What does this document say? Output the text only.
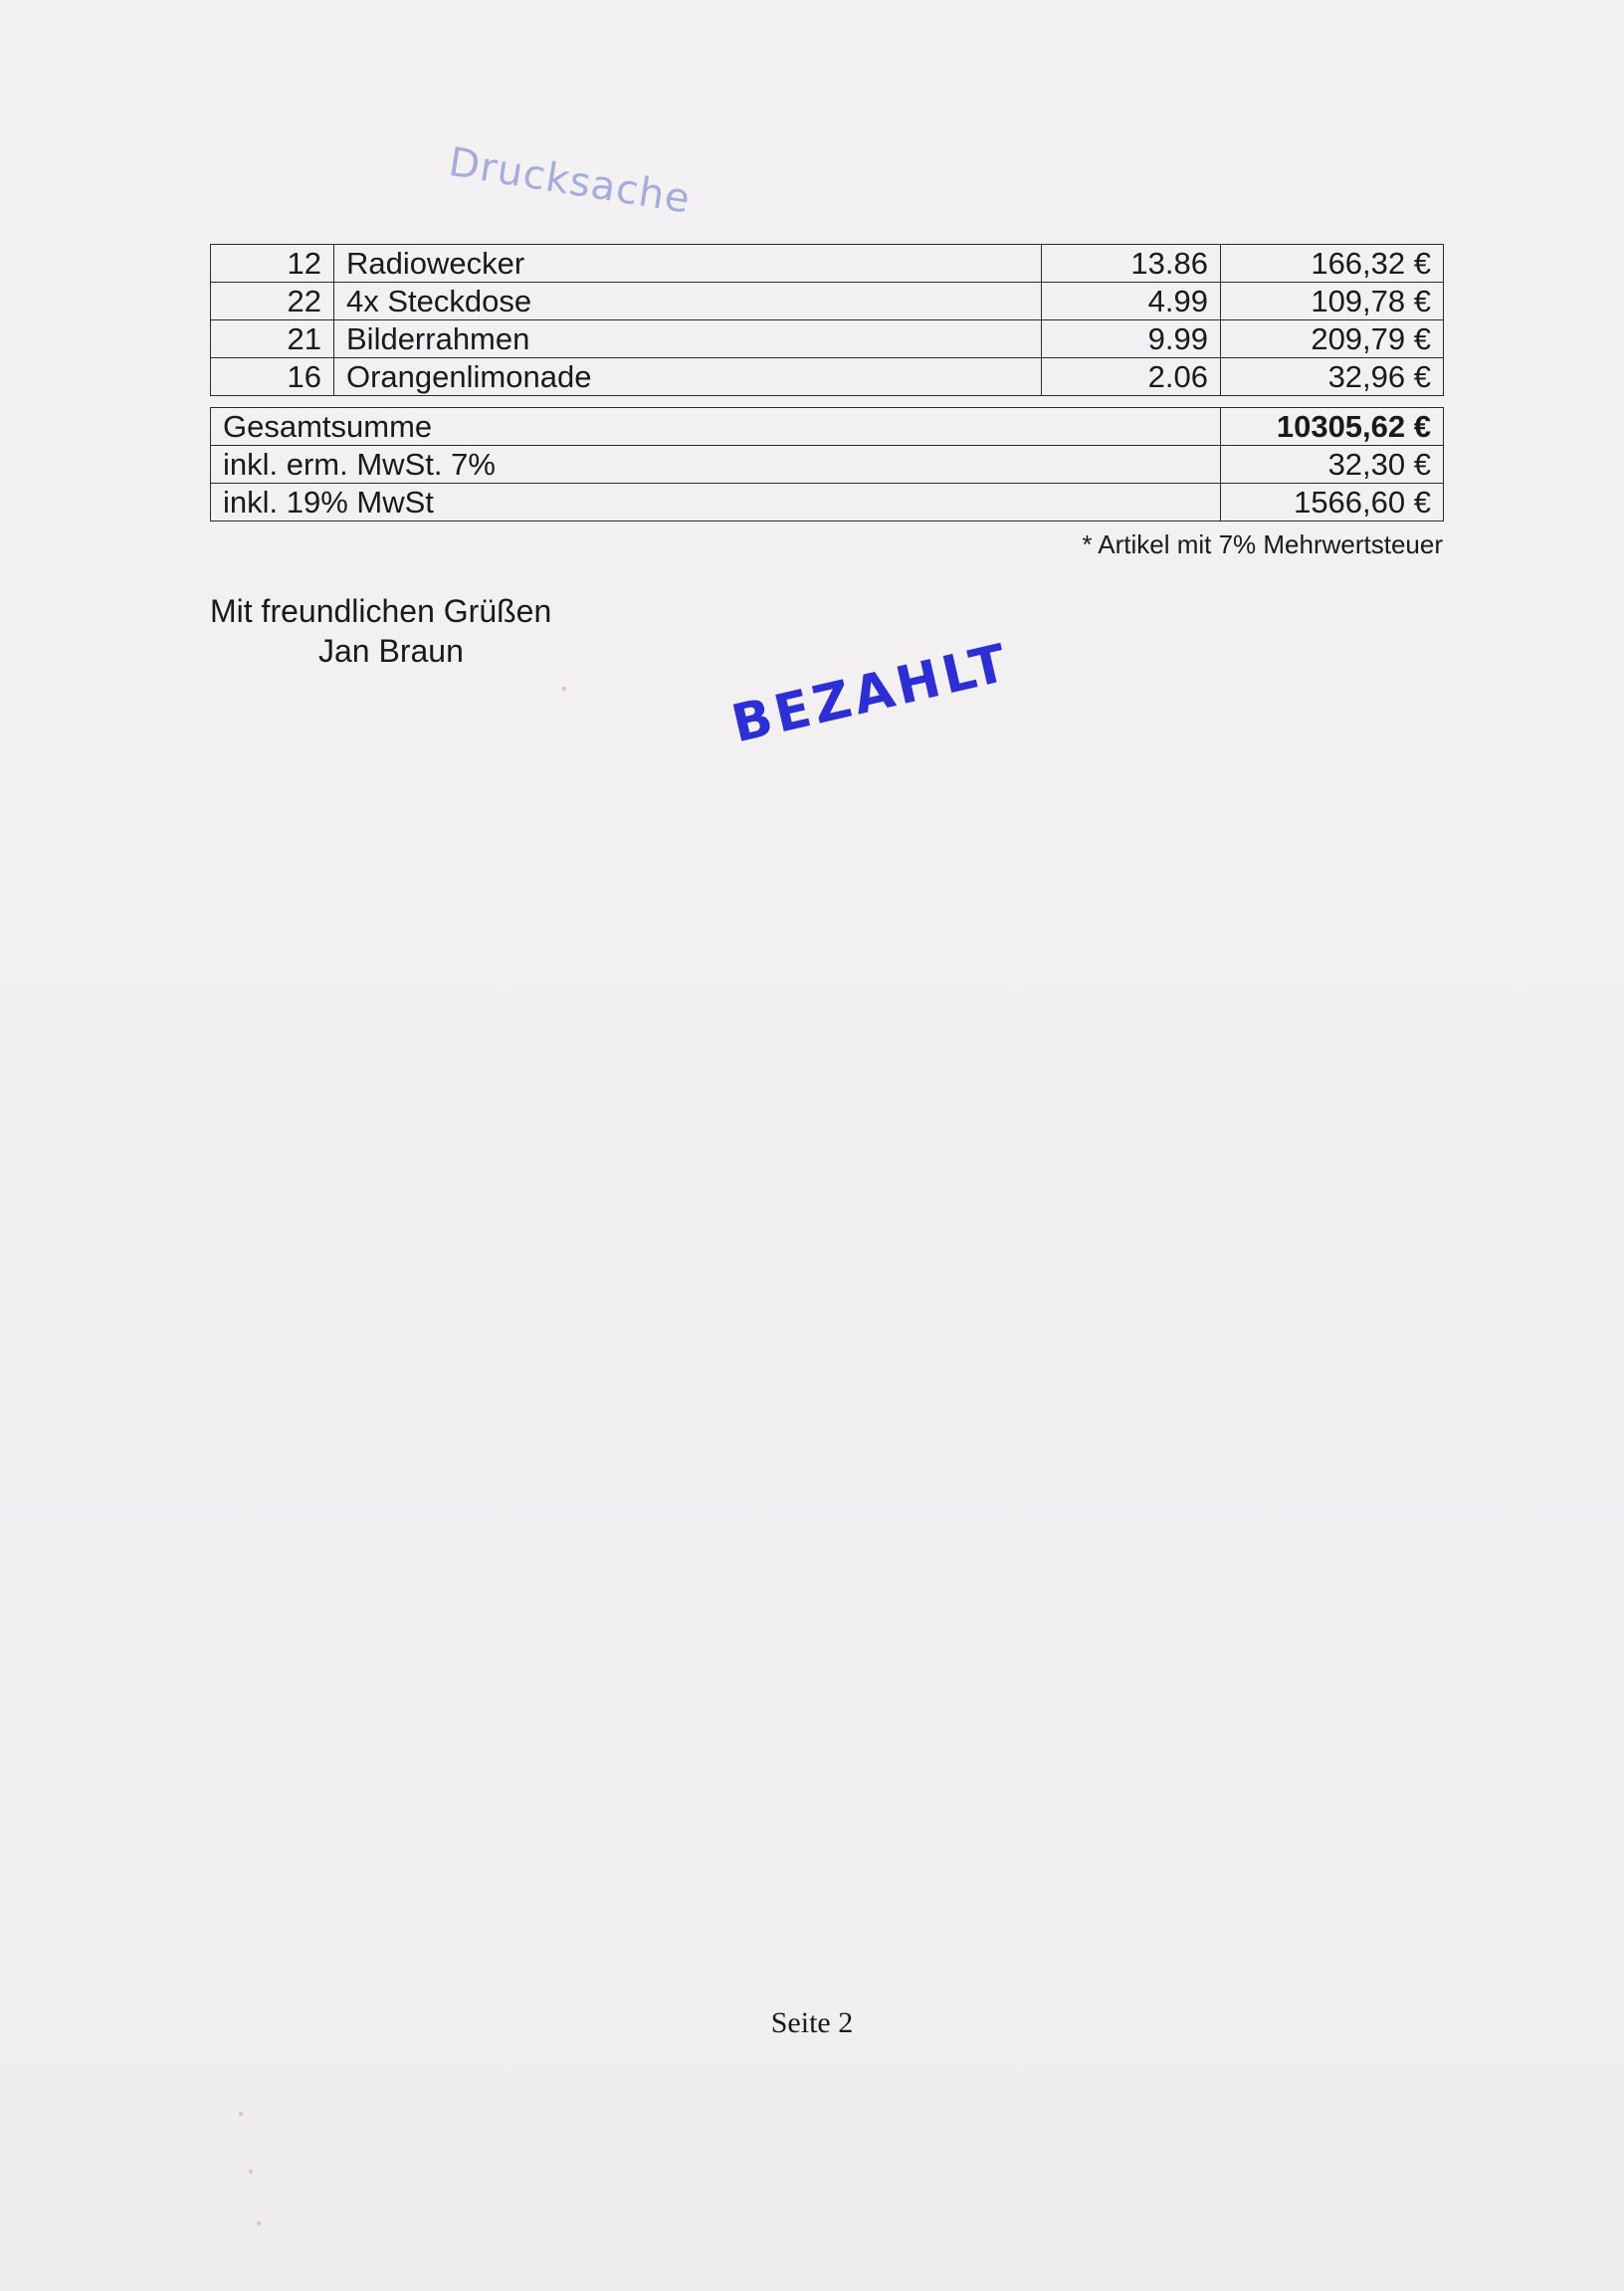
Drucksache
12	Radiowecker	13.86	166,32 €
22	4x Steckdose	4.99	109,78 €
21	Bilderrahmen	9.99	209,79 €
16	Orangenlimonade	2.06	32,96 €
Gesamtsumme	10305,62 €
inkl. erm. MwSt. 7%	32,30 €
inkl. 19% MwSt	1566,60 €
* Artikel mit 7% Mehrwertsteuer
Mit freundlichen Grüßen
Jan Braun	BEZAHLT
Seite 2
